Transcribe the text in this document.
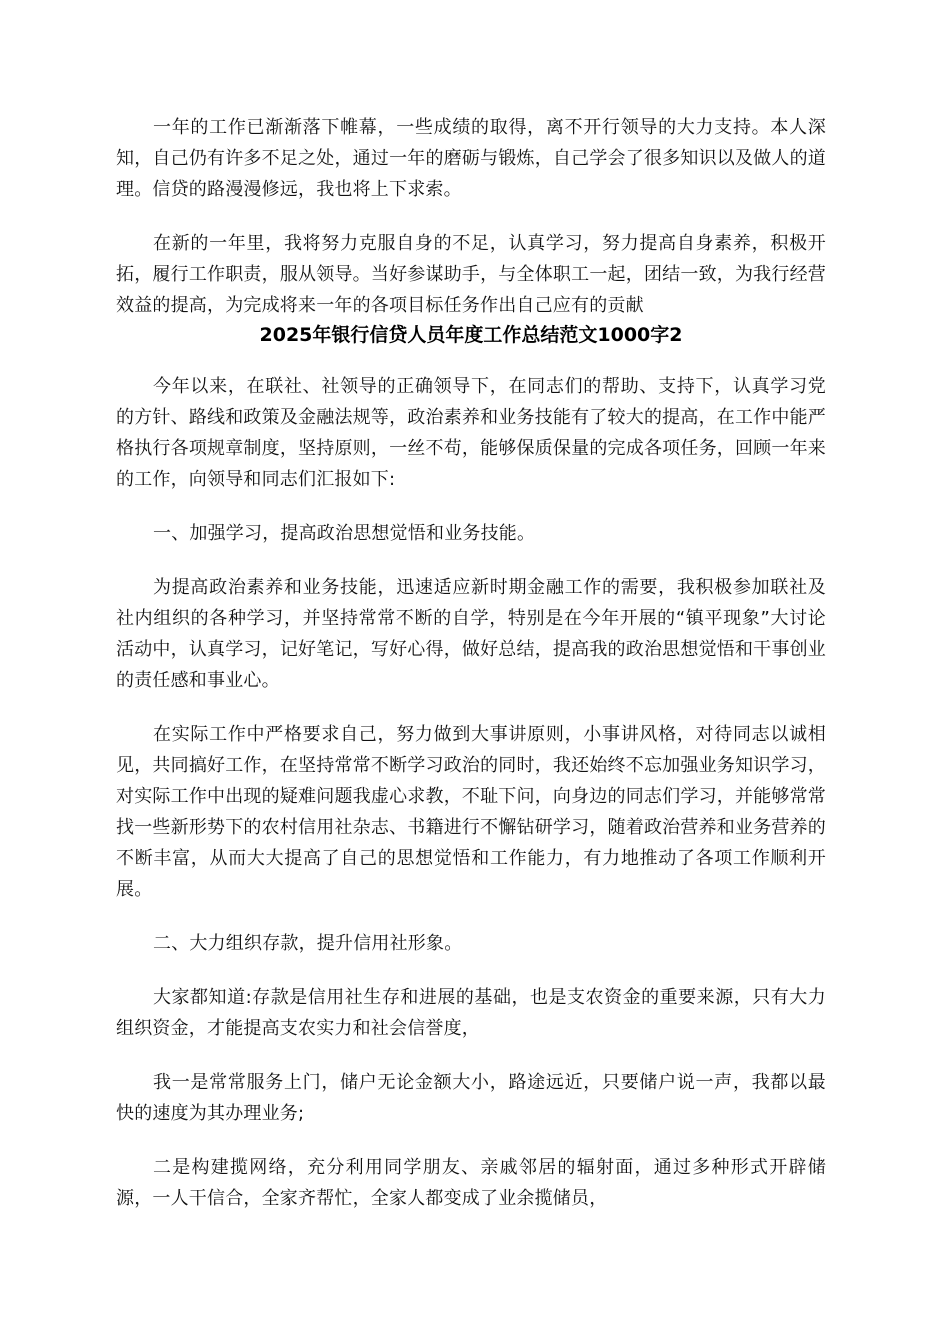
一年的工作已渐渐落下帷幕，一些成绩的取得，离不开行领导的大力支持。本人深知，自己仍有许多不足之处，通过一年的磨砺与锻炼，自己学会了很多知识以及做人的道理。信贷的路漫漫修远，我也将上下求索。

在新的一年里，我将努力克服自身的不足，认真学习，努力提高自身素养，积极开拓，履行工作职责，服从领导。当好参谋助手，与全体职工一起，团结一致，为我行经营效益的提高，为完成将来一年的各项目标任务作出自己应有的贡献

2025年银行信贷人员年度工作总结范文1000字2

今年以来，在联社、社领导的正确领导下，在同志们的帮助、支持下，认真学习党的方针、路线和政策及金融法规等，政治素养和业务技能有了较大的提高，在工作中能严格执行各项规章制度，坚持原则，一丝不苟，能够保质保量的完成各项任务，回顾一年来的工作，向领导和同志们汇报如下:

一、加强学习，提高政治思想觉悟和业务技能。

为提高政治素养和业务技能，迅速适应新时期金融工作的需要，我积极参加联社及社内组织的各种学习，并坚持常常不断的自学，特别是在今年开展的“镇平现象”大讨论活动中，认真学习，记好笔记，写好心得，做好总结，提高我的政治思想觉悟和干事创业的责任感和事业心。

在实际工作中严格要求自己，努力做到大事讲原则，小事讲风格，对待同志以诚相见，共同搞好工作，在坚持常常不断学习政治的同时，我还始终不忘加强业务知识学习，对实际工作中出现的疑难问题我虚心求教，不耻下问，向身边的同志们学习，并能够常常找一些新形势下的农村信用社杂志、书籍进行不懈钻研学习，随着政治营养和业务营养的不断丰富，从而大大提高了自己的思想觉悟和工作能力，有力地推动了各项工作顺利开展。

二、大力组织存款，提升信用社形象。

大家都知道:存款是信用社生存和进展的基础，也是支农资金的重要来源，只有大力组织资金，才能提高支农实力和社会信誉度，

我一是常常服务上门，储户无论金额大小，路途远近，只要储户说一声，我都以最快的速度为其办理业务;

二是构建揽网络，充分利用同学朋友、亲戚邻居的辐射面，通过多种形式开辟储源，一人干信合，全家齐帮忙，全家人都变成了业余揽储员，
